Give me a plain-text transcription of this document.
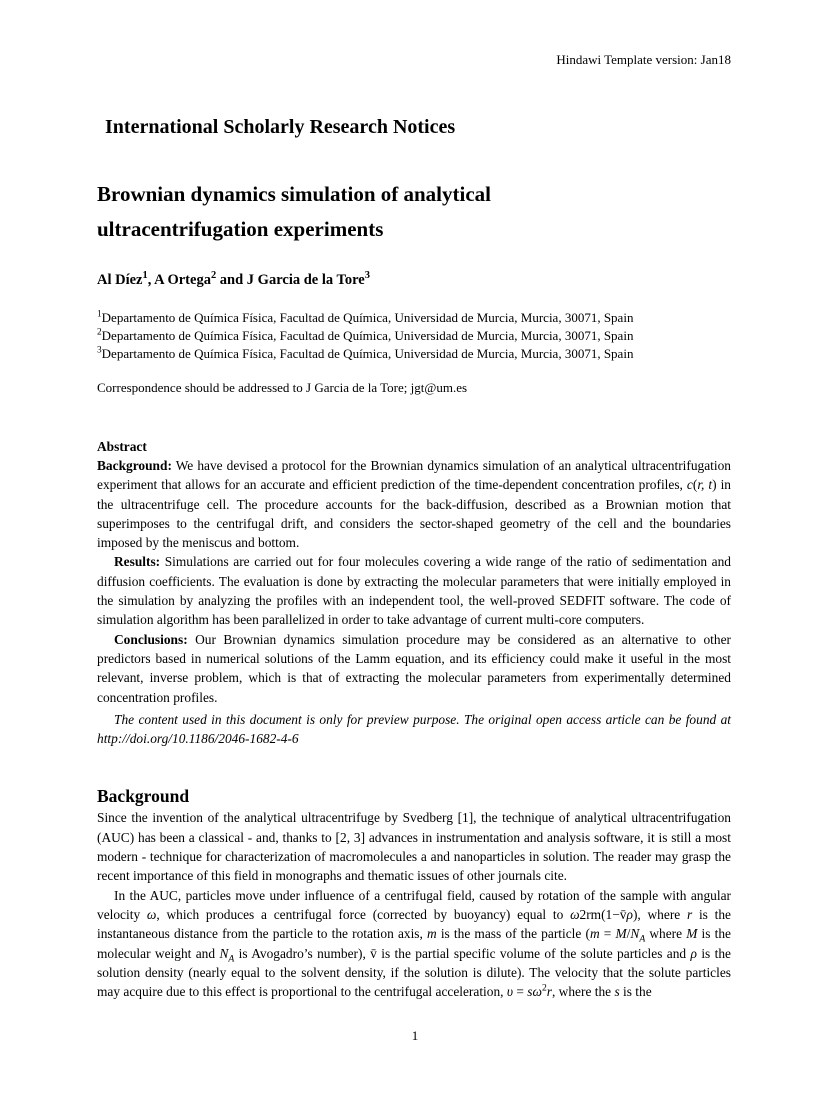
Hindawi Template version: Jan18
International Scholarly Research Notices
Brownian dynamics simulation of analytical
ultracentrifugation experiments
Al Díez$^1$, A Ortega$^2$ and J Garcia de la Tore$^3$
$^1$Departamento de Química Física, Facultad de Química, Universidad de Murcia, Murcia, 30071, Spain
$^2$Departamento de Química Física, Facultad de Química, Universidad de Murcia, Murcia, 30071, Spain
$^3$Departamento de Química Física, Facultad de Química, Universidad de Murcia, Murcia, 30071, Spain
Correspondence should be addressed to J Garcia de la Tore; jgt@um.es
Abstract

Background: We have devised a protocol for the Brownian dynamics simulation of an analytical ultracentrifugation experiment that allows for an accurate and efficient prediction of the time-dependent concentration profiles, c(r, t) in the ultracentrifuge cell. The procedure accounts for the back-diffusion, described as a Brownian motion that superimposes to the centrifugal drift, and considers the sector-shaped geometry of the cell and the boundaries imposed by the meniscus and bottom.

Results: Simulations are carried out for four molecules covering a wide range of the ratio of sedimentation and diffusion coefficients. The evaluation is done by extracting the molecular parameters that were initially employed in the simulation by analyzing the profiles with an independent tool, the well-proved SEDFIT software. The code of simulation algorithm has been parallelized in order to take advantage of current multi-core computers.

Conclusions: Our Brownian dynamics simulation procedure may be considered as an alternative to other predictors based in numerical solutions of the Lamm equation, and its efficiency could make it useful in the most relevant, inverse problem, which is that of extracting the molecular parameters from experimentally determined concentration profiles.

The content used in this document is only for preview purpose. The original open access article can be found at http://doi.org/10.1186/2046-1682-4-6

Background

Since the invention of the analytical ultracentrifuge by Svedberg [1], the technique of analytical ultracentrifugation (AUC) has been a classical - and, thanks to [2, 3] advances in instrumentation and analysis software, it is still a most modern - technique for characterization of macromolecules a and nanoparticles in solution. The reader may grasp the recent importance of this field in monographs and thematic issues of other journals cite.

In the AUC, particles move under influence of a centrifugal field, caused by rotation of the sample with angular velocity ω, which produces a centrifugal force (corrected by buoyancy) equal to ω2rm(1−v̄ρ), where r is the instantaneous distance from the particle to the rotation axis, m is the mass of the particle ($m = M/N_A$ where M is the molecular weight and $N_A$ is Avogadro’s number), v̄ is the partial specific volume of the solute particles and ρ is the solution density (nearly equal to the solvent density, if the solution is dilute). The velocity that the solute particles may acquire due to this effect is proportional to the centrifugal acceleration, $\upsilon = s\omega^2r$, where the s is the

1
